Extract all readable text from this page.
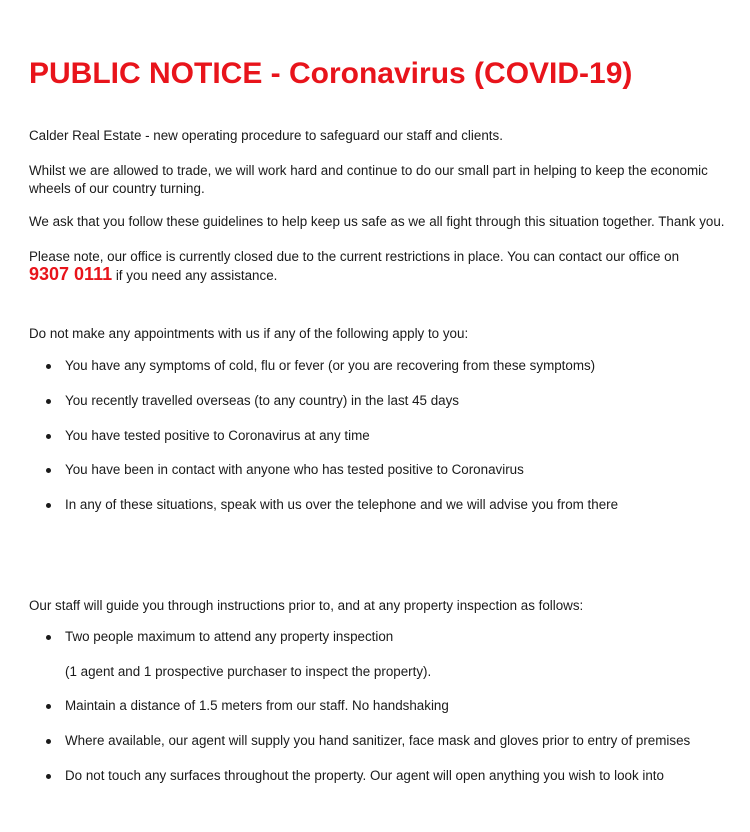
PUBLIC NOTICE - Coronavirus (COVID-19)

Calder Real Estate - new operating procedure to safeguard our staff and clients.

Whilst we are allowed to trade, we will work hard and continue to do our small part in helping to keep the economic wheels of our country turning.

We ask that you follow these guidelines to help keep us safe as we all fight through this situation together. Thank you.

Please note, our office is currently closed due to the current restrictions in place. You can contact our office on
9307 0111 if you need any assistance.

Do not make any appointments with us if any of the following apply to you:

You have any symptoms of cold, flu or fever (or you are recovering from these symptoms)
You recently travelled overseas (to any country) in the last 45 days
You have tested positive to Coronavirus at any time
You have been in contact with anyone who has tested positive to Coronavirus
In any of these situations, speak with us over the telephone and we will advise you from there

Our staff will guide you through instructions prior to, and at any property inspection as follows:

Two people maximum to attend any property inspection

(1 agent and 1 prospective purchaser to inspect the property).

Maintain a distance of 1.5 meters from our staff. No handshaking
Where available, our agent will supply you hand sanitizer, face mask and gloves prior to entry of premises
Do not touch any surfaces throughout the property. Our agent will open anything you wish to look into
